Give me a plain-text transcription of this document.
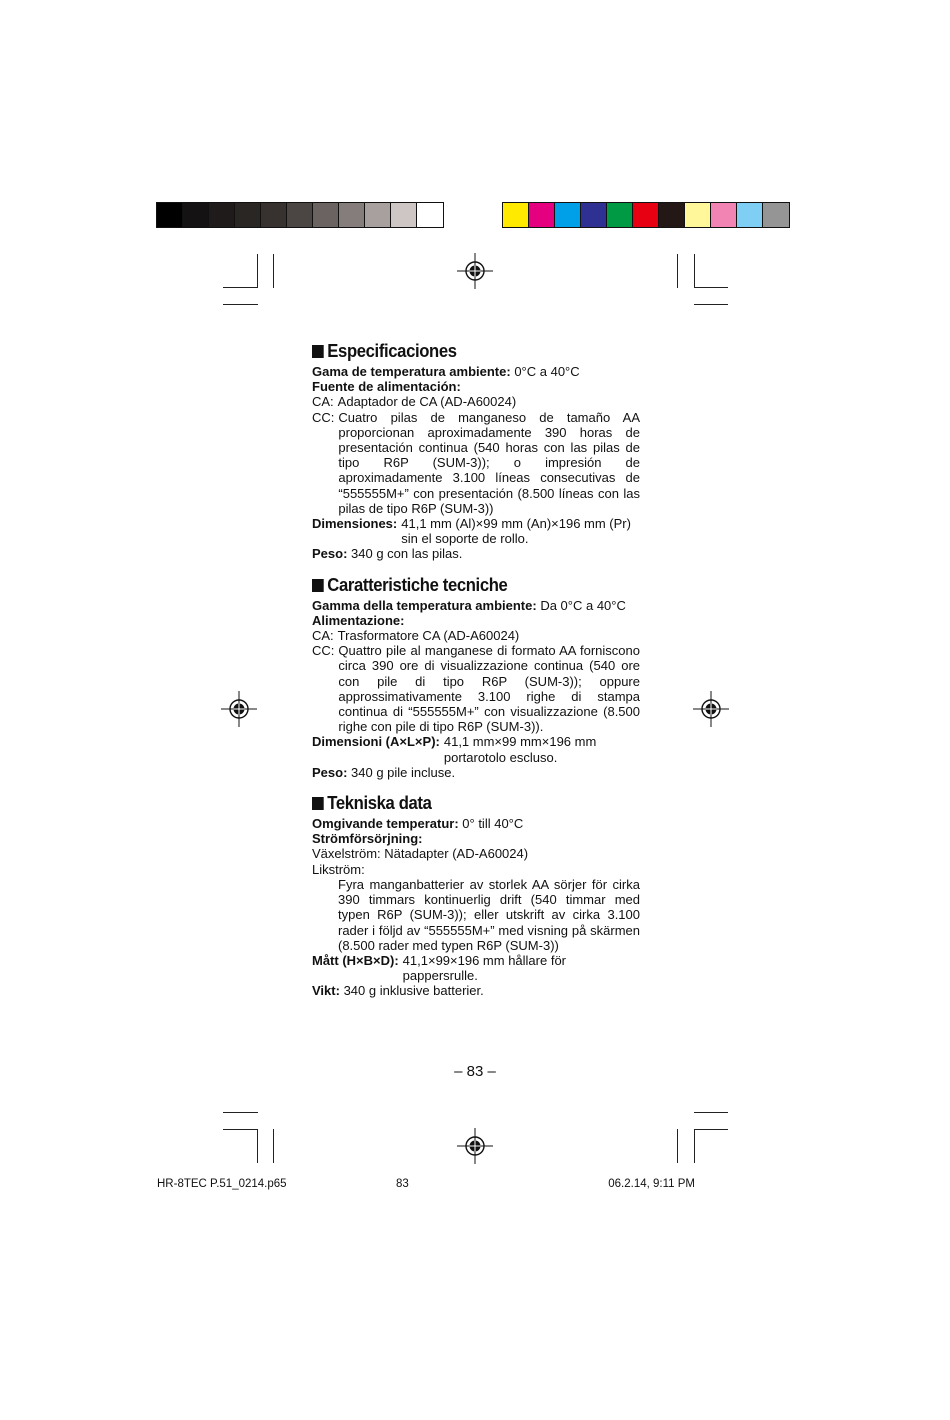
Especificaciones
Gama de temperatura ambiente: 0°C a 40°C
Fuente de alimentación:
CA: Adaptador de CA (AD-A60024)
CC: Cuatro pilas de manganeso de tamaño AA proporcionan aproximadamente 390 horas de presentación continua (540 horas con las pilas de tipo R6P (SUM-3)); o impresión de aproximadamente 3.100 líneas consecutivas de “555555M+” con presentación (8.500 líneas con las pilas de tipo R6P (SUM-3))
Dimensiones: 41,1 mm (Al)×99 mm (An)×196 mm (Pr) sin el soporte de rollo.
Peso: 340 g con las pilas.
Caratteristiche tecniche
Gamma della temperatura ambiente: Da 0°C a 40°C
Alimentazione:
CA: Trasformatore CA (AD-A60024)
CC: Quattro pile al manganese di formato AA forniscono circa 390 ore di visualizzazione continua (540 ore con pile di tipo R6P (SUM-3)); oppure approssimativamente 3.100 righe di stampa continua di “555555M+” con visualizzazione (8.500 righe con pile di tipo R6P (SUM-3)).
Dimensioni (A×L×P): 41,1 mm×99 mm×196 mm portarotolo escluso.
Peso: 340 g pile incluse.
Tekniska data
Omgivande temperatur: 0° till 40°C
Strömförsörjning:
Växelström: Nätadapter (AD-A60024)
Likström:
Fyra manganbatterier av storlek AA sörjer för cirka 390 timmars kontinuerlig drift (540 timmar med typen R6P (SUM-3)); eller utskrift av cirka 3.100 rader i följd av “555555M+” med visning på skärmen (8.500 rader med typen R6P (SUM-3))
Mått (H×B×D): 41,1×99×196 mm hållare för pappersrulle.
Vikt: 340 g inklusive batterier.
– 83 –
HR-8TEC P.51_0214.p65	83	06.2.14, 9:11 PM
